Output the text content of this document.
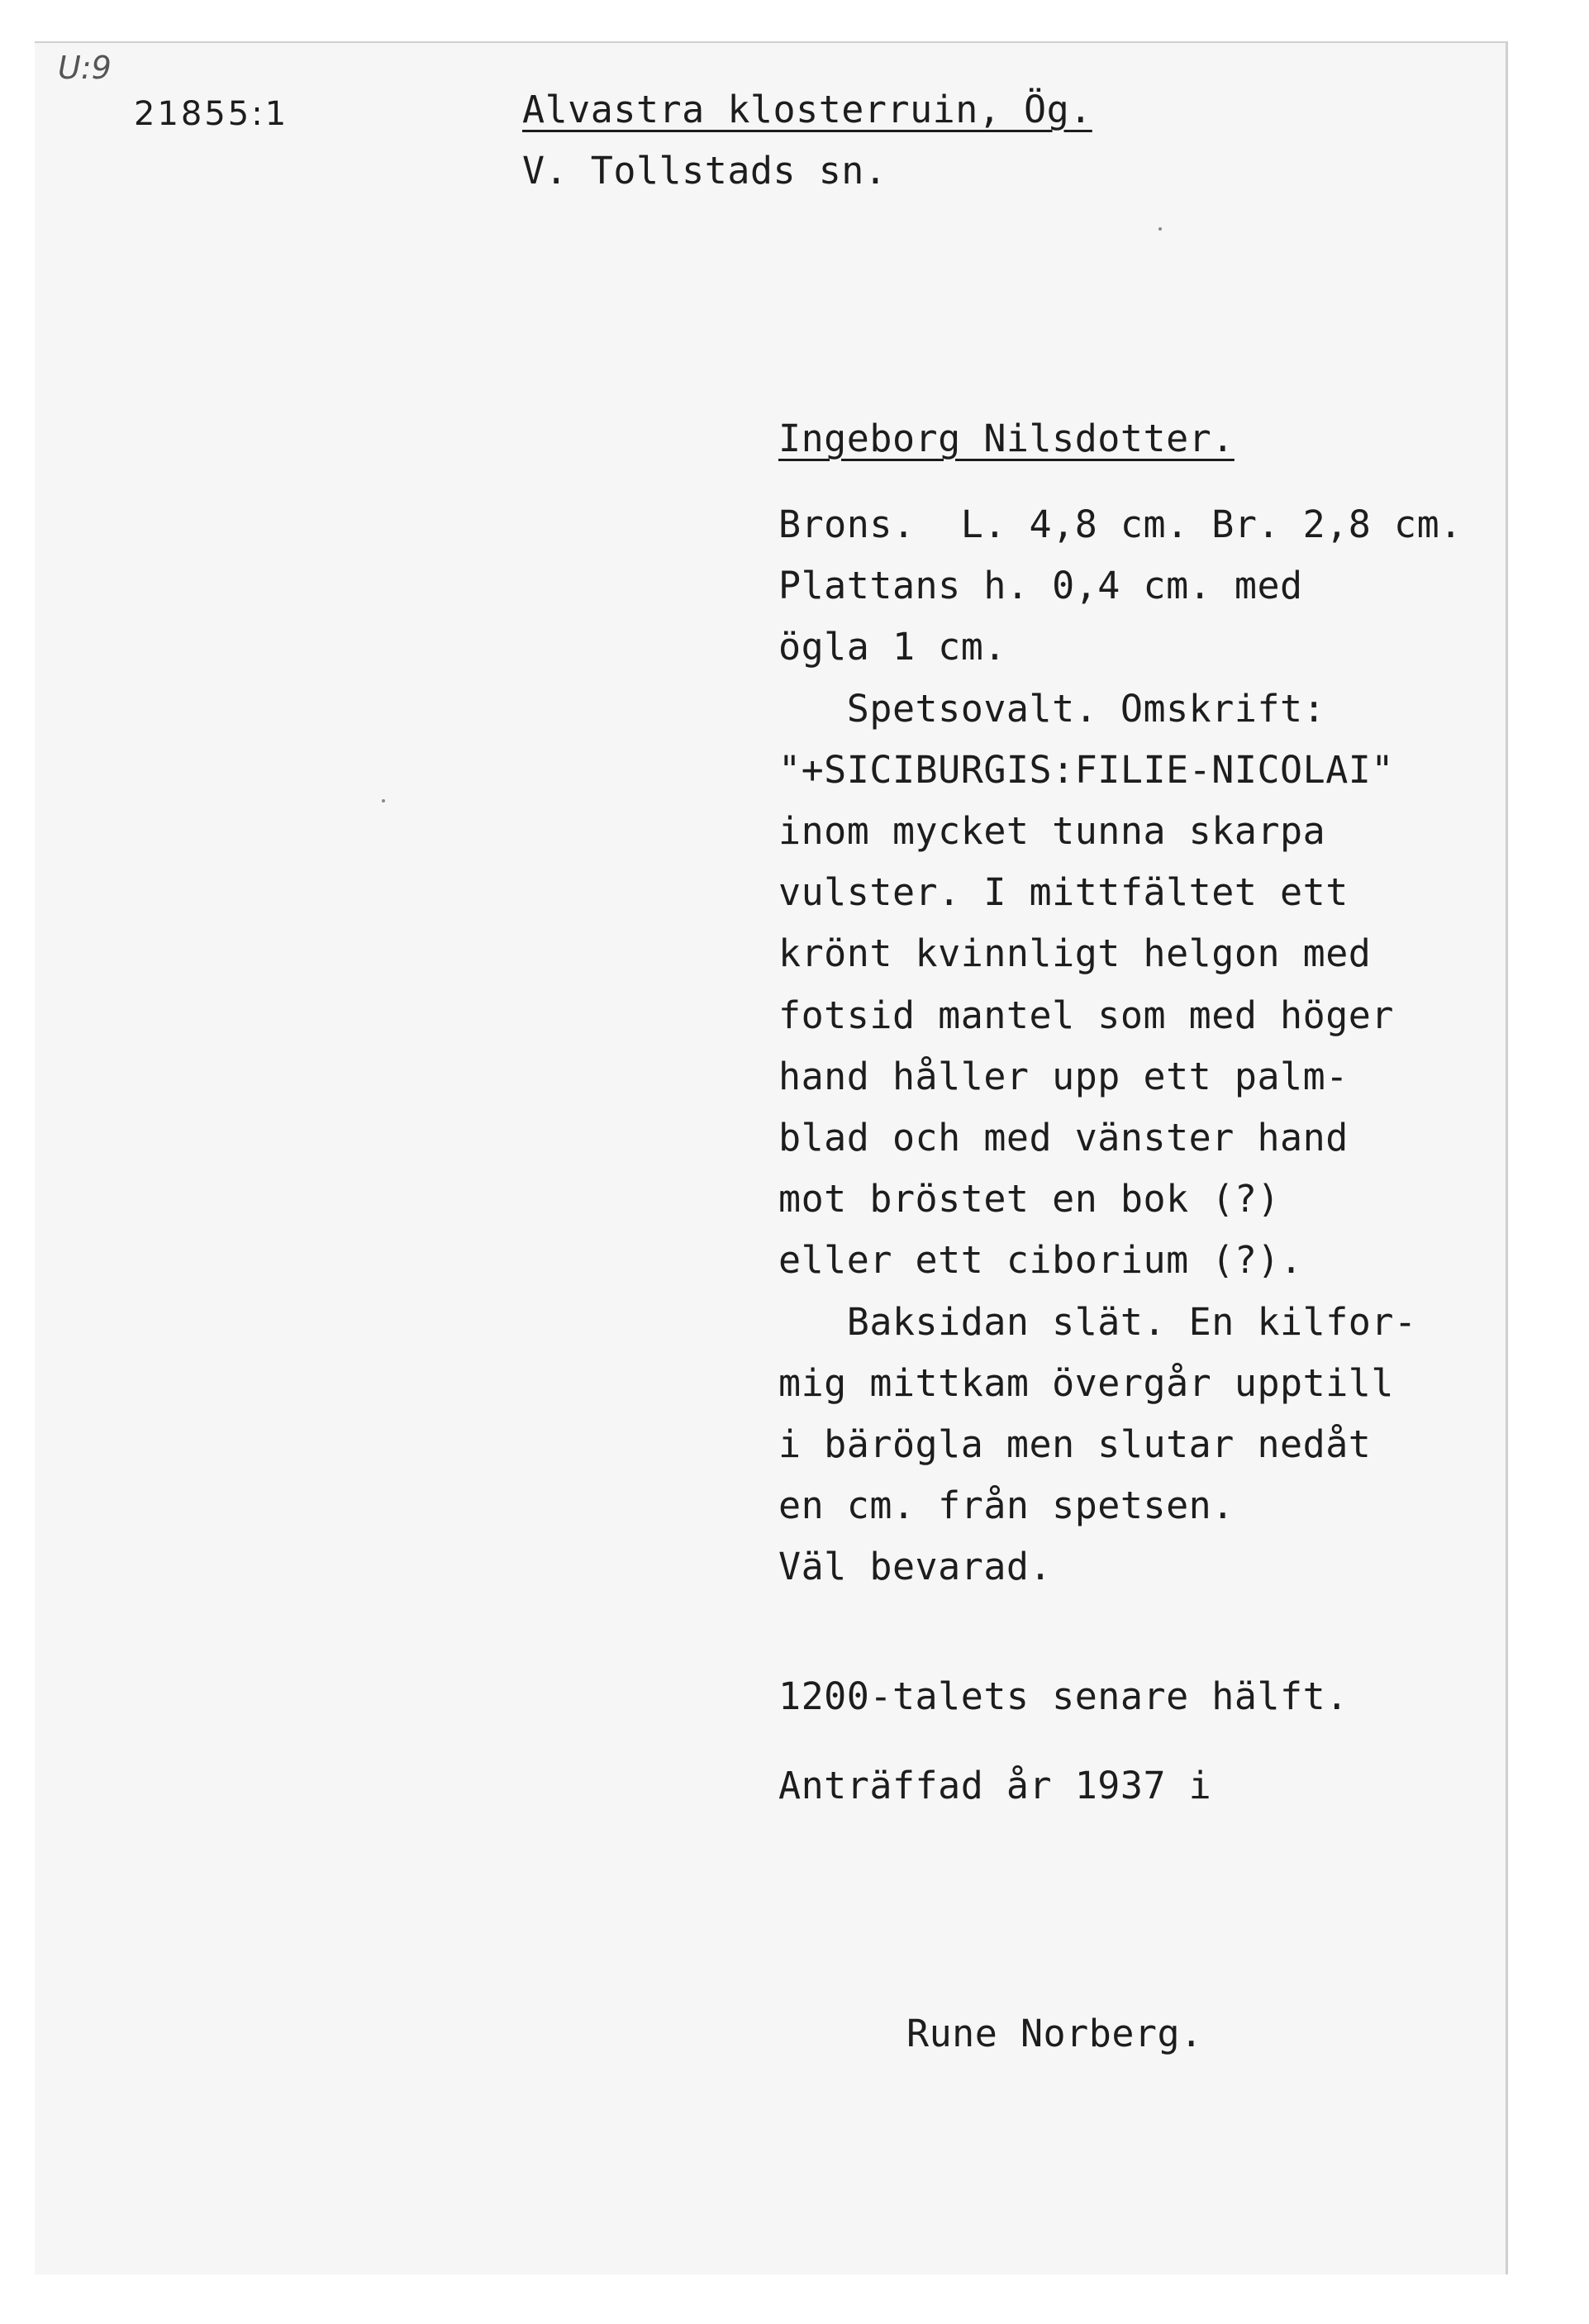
U:9
21855:1	Alvastra klosterruin, Ög.
V. Tollstads sn.
Ingeborg Nilsdotter.
Brons.  L. 4,8 cm. Br. 2,8 cm.
Plattans h. 0,4 cm. med
ögla 1 cm.
Spetsovalt. Omskrift:
"+SICIBURGIS:FILIE-NICOLAI"
inom mycket tunna skarpa
vulster. I mittfältet ett
krönt kvinnligt helgon med
fotsid mantel som med höger
hand håller upp ett palm-
blad och med vänster hand
mot bröstet en bok (?)
eller ett ciborium (?).
Baksidan slät. En kilfor-
mig mittkam övergår upptill
i bärögla men slutar nedåt
en cm. från spetsen.
Väl bevarad.
1200-talets senare hälft.
Anträffad år 1937 i
Rune Norberg.
